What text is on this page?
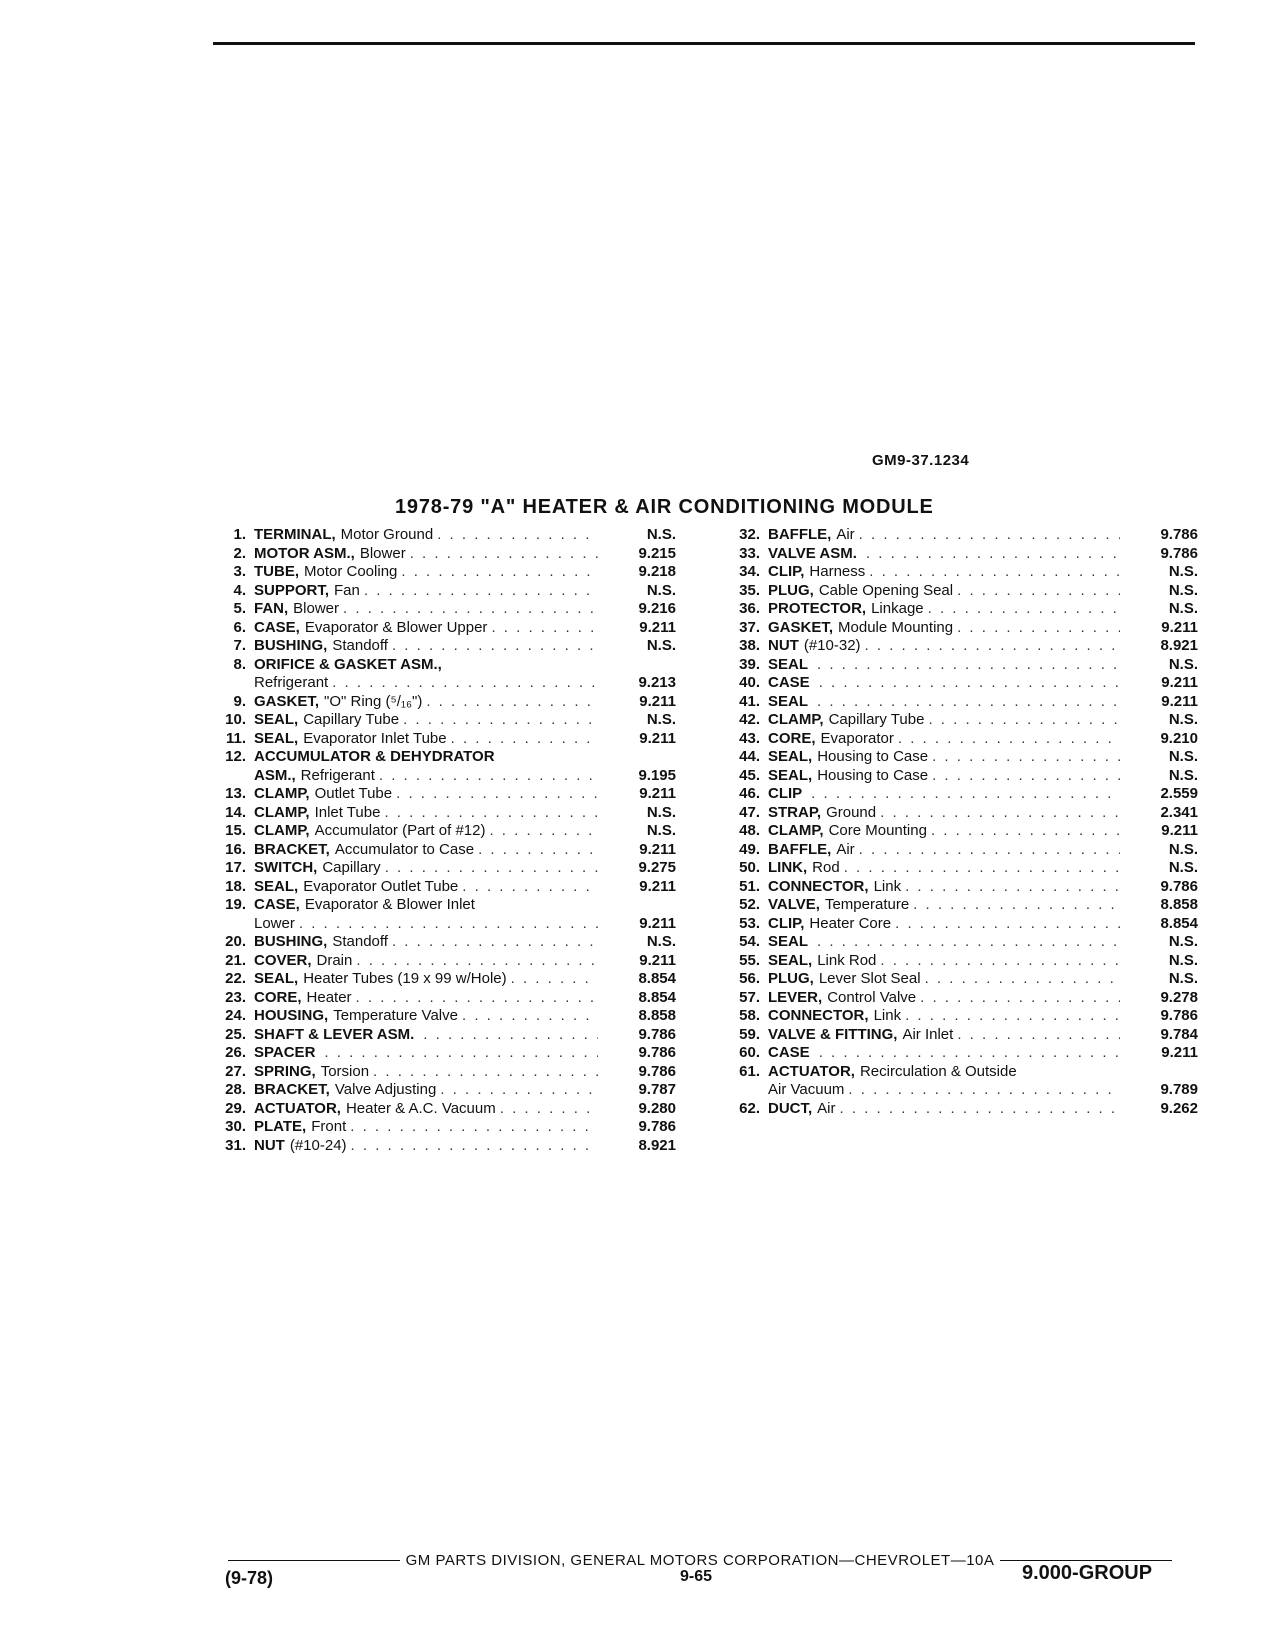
GM9-37.1234
1978-79 "A" HEATER & AIR CONDITIONING MODULE
1. TERMINAL, Motor Ground . . .	N.S.
2. MOTOR ASM., Blower . . .	9.215
3. TUBE, Motor Cooling . . .	9.218
4. SUPPORT, Fan . . .	N.S.
5. FAN, Blower . . .	9.216
6. CASE, Evaporator & Blower Upper . . .	9.211
7. BUSHING, Standoff . . .	N.S.
8. ORIFICE & GASKET ASM.,
Refrigerant . . .	9.213
9. GASKET, "O" Ring (⁵/₁₆") . . .	9.211
10. SEAL, Capillary Tube . . .	N.S.
11. SEAL, Evaporator Inlet Tube . . .	9.211
12. ACCUMULATOR & DEHYDRATOR
ASM., Refrigerant . . .	9.195
13. CLAMP, Outlet Tube . . .	9.211
14. CLAMP, Inlet Tube . . .	N.S.
15. CLAMP, Accumulator (Part of #12) . . .	N.S.
16. BRACKET, Accumulator to Case . . .	9.211
17. SWITCH, Capillary . . .	9.275
18. SEAL, Evaporator Outlet Tube . . .	9.211
19. CASE, Evaporator & Blower Inlet
Lower . . .	9.211
20. BUSHING, Standoff . . .	N.S.
21. COVER, Drain . . .	9.211
22. SEAL, Heater Tubes (19 x 99 w/Hole) . . .	8.854
23. CORE, Heater . . .	8.854
24. HOUSING, Temperature Valve . . .	8.858
25. SHAFT & LEVER ASM. . . .	9.786
26. SPACER . . .	9.786
27. SPRING, Torsion . . .	9.786
28. BRACKET, Valve Adjusting . . .	9.787
29. ACTUATOR, Heater & A.C. Vacuum . . .	9.280
30. PLATE, Front . . .	9.786
31. NUT (#10-24) . . .	8.921
32. BAFFLE, Air . . .	9.786
33. VALVE ASM. . . .	9.786
34. CLIP, Harness . . .	N.S.
35. PLUG, Cable Opening Seal . . .	N.S.
36. PROTECTOR, Linkage . . .	N.S.
37. GASKET, Module Mounting . . .	9.211
38. NUT (#10-32) . . .	8.921
39. SEAL . . .	N.S.
40. CASE . . .	9.211
41. SEAL . . .	9.211
42. CLAMP, Capillary Tube . . .	N.S.
43. CORE, Evaporator . . .	9.210
44. SEAL, Housing to Case . . .	N.S.
45. SEAL, Housing to Case . . .	N.S.
46. CLIP . . .	2.559
47. STRAP, Ground . . .	2.341
48. CLAMP, Core Mounting . . .	9.211
49. BAFFLE, Air . . .	N.S.
50. LINK, Rod . . .	N.S.
51. CONNECTOR, Link . . .	9.786
52. VALVE, Temperature . . .	8.858
53. CLIP, Heater Core . . .	8.854
54. SEAL . . .	N.S.
55. SEAL, Link Rod . . .	N.S.
56. PLUG, Lever Slot Seal . . .	N.S.
57. LEVER, Control Valve . . .	9.278
58. CONNECTOR, Link . . .	9.786
59. VALVE & FITTING, Air Inlet . . .	9.784
60. CASE . . .	9.211
61. ACTUATOR, Recirculation & Outside
Air Vacuum . . .	9.789
62. DUCT, Air . . .	9.262
GM PARTS DIVISION, GENERAL MOTORS CORPORATION—CHEVROLET—10A
(9-78)	9-65	9.000-GROUP
